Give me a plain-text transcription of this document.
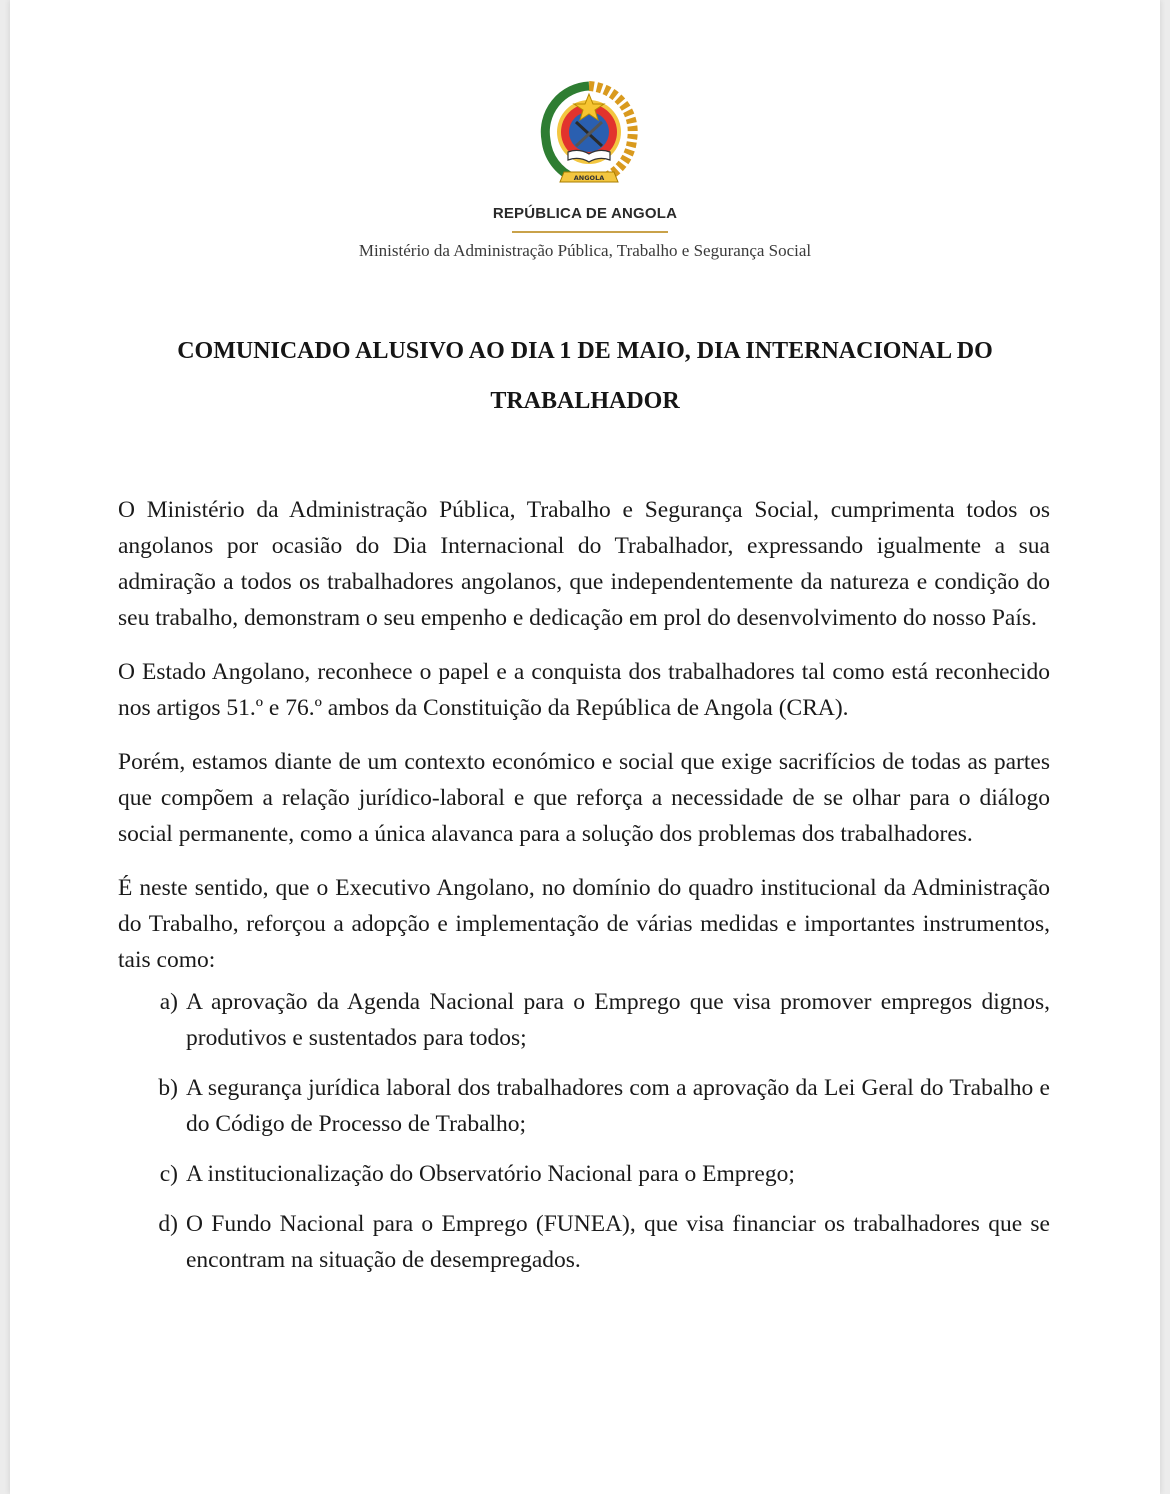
ANGOLA
REPÚBLICA DE ANGOLA
Ministério da Administração Pública, Trabalho e Segurança Social
COMUNICADO ALUSIVO AO DIA 1 DE MAIO, DIA INTERNACIONAL DO TRABALHADOR

O Ministério da Administração Pública, Trabalho e Segurança Social, cumprimenta todos os angolanos por ocasião do Dia Internacional do Trabalhador, expressando igualmente a sua admiração a todos os trabalhadores angolanos, que independentemente da natureza e condição do seu trabalho, demonstram o seu empenho e dedicação em prol do desenvolvimento do nosso País.

O Estado Angolano, reconhece o papel e a conquista dos trabalhadores tal como está reconhecido nos artigos 51.º e 76.º ambos da Constituição da República de Angola (CRA).

Porém, estamos diante de um contexto económico e social que exige sacrifícios de todas as partes que compõem a relação jurídico-laboral e que reforça a necessidade de se olhar para o diálogo social permanente, como a única alavanca para a solução dos problemas dos trabalhadores.

É neste sentido, que o Executivo Angolano, no domínio do quadro institucional da Administração do Trabalho, reforçou a adopção e implementação de várias medidas e importantes instrumentos, tais como:

a) A aprovação da Agenda Nacional para o Emprego que visa promover empregos dignos, produtivos e sustentados para todos;
b) A segurança jurídica laboral dos trabalhadores com a aprovação da Lei Geral do Trabalho e do Código de Processo de Trabalho;
c) A institucionalização do Observatório Nacional para o Emprego;
d) O Fundo Nacional para o Emprego (FUNEA), que visa financiar os trabalhadores que se encontram na situação de desempregados.
